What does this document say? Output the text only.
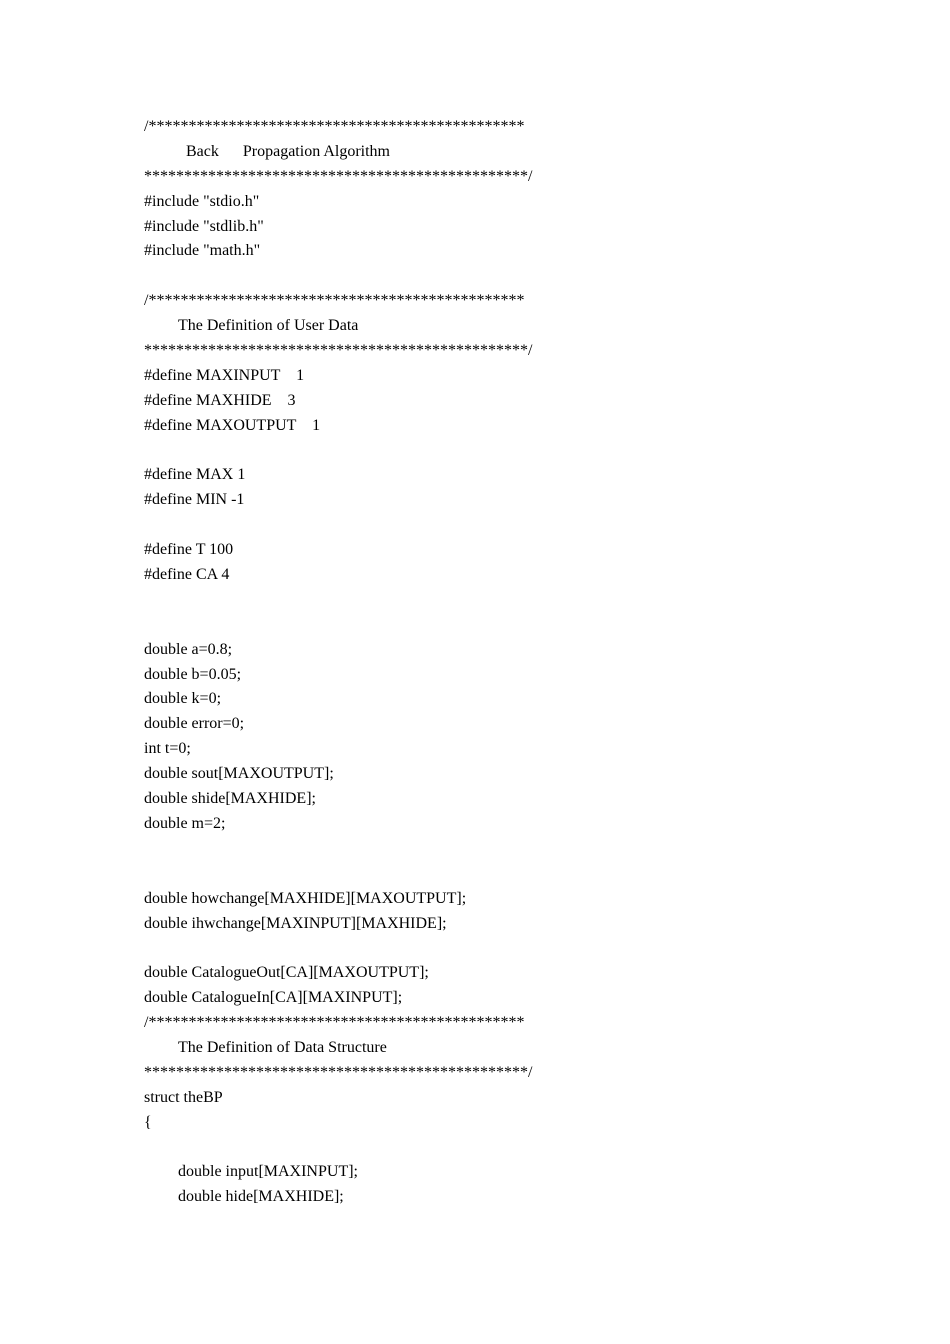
/***********************************************
Back      Propagation Algorithm
************************************************/
#include "stdio.h"
#include "stdlib.h"
#include "math.h"
/***********************************************
The Definition of User Data
************************************************/
#define MAXINPUT    1
#define MAXHIDE    3
#define MAXOUTPUT    1
#define MAX 1
#define MIN -1
#define T 100
#define CA 4
double a=0.8;
double b=0.05;
double k=0;
double error=0;
int t=0;
double sout[MAXOUTPUT];
double shide[MAXHIDE];
double m=2;
double howchange[MAXHIDE][MAXOUTPUT];
double ihwchange[MAXINPUT][MAXHIDE];
double CatalogueOut[CA][MAXOUTPUT];
double CatalogueIn[CA][MAXINPUT];
/***********************************************
The Definition of Data Structure
************************************************/
struct theBP
{
double input[MAXINPUT];
double hide[MAXHIDE];
